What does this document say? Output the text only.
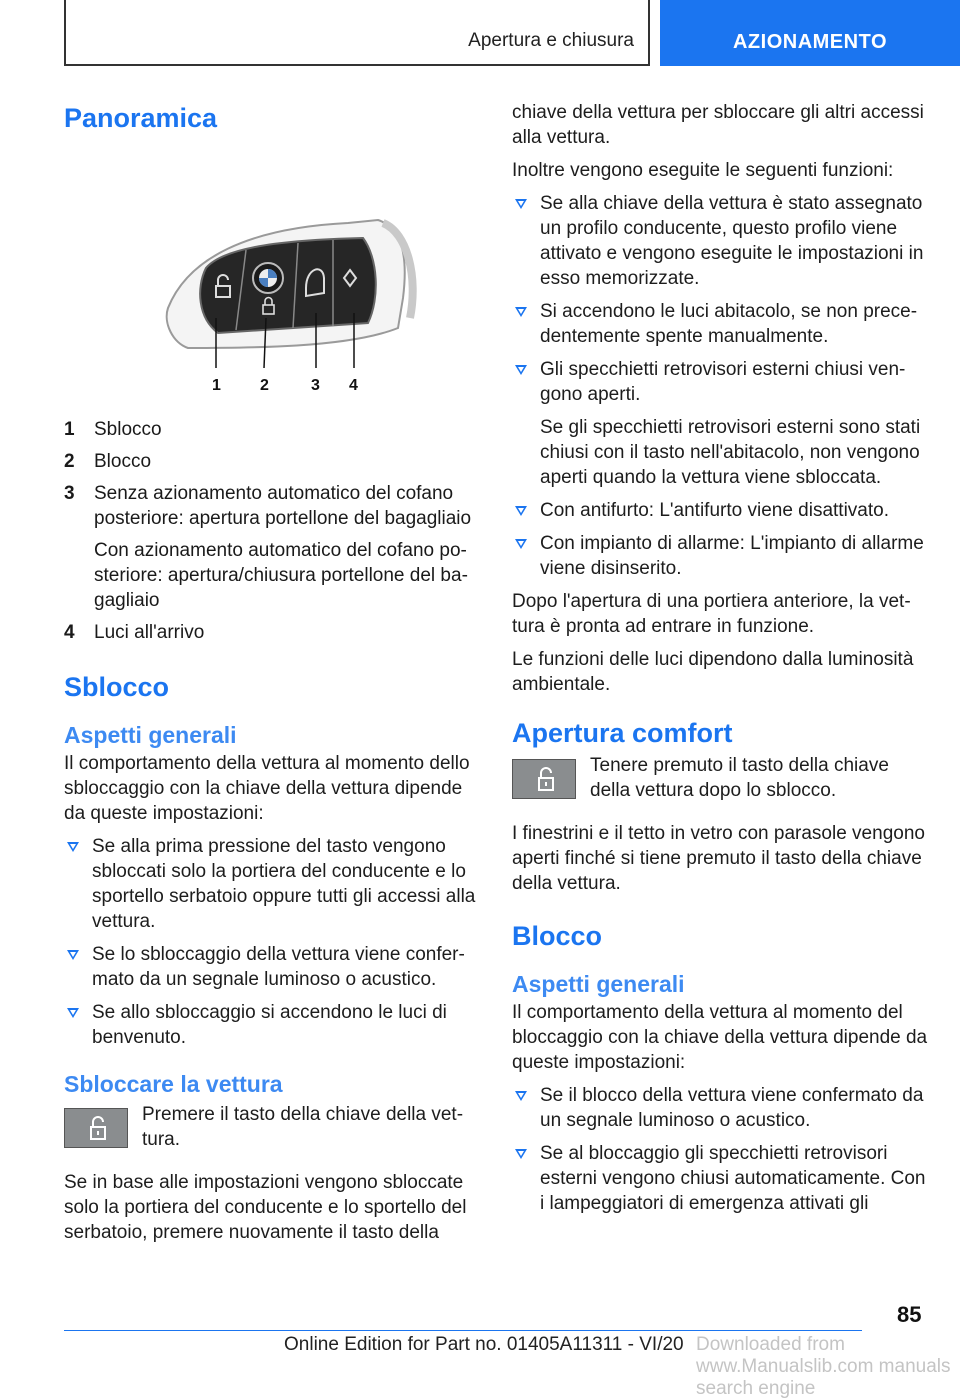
Apertura e chiusura	AZIONAMENTO
Panoramica
1 2	3 4
1 Sblocco
2 Blocco
3 Senza azionamento automatico del cofano posteriore: apertura portellone del bagagliaio
Con azionamento automatico del cofano posteriore: apertura/chiusura portellone del bagagliaio
4 Luci all'arrivo
Sblocco
Aspetti generali

Il comportamento della vettura al momento dello sbloccaggio con la chiave della vettura dipende da queste impostazioni:

Se alla prima pressione del tasto vengono sbloccati solo la portiera del conducente e lo sportello serbatoio oppure tutti gli accessi alla vettura.
Se lo sbloccaggio della vettura viene confermato da un segnale luminoso o acustico.
Se allo sbloccaggio si accendono le luci di benvenuto.
Sbloccare la vettura

Premere il tasto della chiave della vettura.

Se in base alle impostazioni vengono sbloccate solo la portiera del conducente e lo sportello del serbatoio, premere nuovamente il tasto della

chiave della vettura per sbloccare gli altri accessi alla vettura.

Inoltre vengono eseguite le seguenti funzioni:

Se alla chiave della vettura è stato assegnato un profilo conducente, questo profilo viene attivato e vengono eseguite le impostazioni in esso memorizzate.
Si accendono le luci abitacolo, se non precedentemente spente manualmente.
Gli specchietti retrovisori esterni chiusi vengono aperti.
Se gli specchietti retrovisori esterni sono stati chiusi con il tasto nell'abitacolo, non vengono aperti quando la vettura viene sbloccata.
Con antifurto: L'antifurto viene disattivato.
Con impianto di allarme: L'impianto di allarme viene disinserito.

Dopo l'apertura di una portiera anteriore, la vettura è pronta ad entrare in funzione.

Le funzioni delle luci dipendono dalla luminosità ambientale.

Apertura comfort

Tenere premuto il tasto della chiave della vettura dopo lo sblocco.

I finestrini e il tetto in vetro con parasole vengono aperti finché si tiene premuto il tasto della chiave della vettura.

Blocco
Aspetti generali

Il comportamento della vettura al momento del bloccaggio con la chiave della vettura dipende da queste impostazioni:

Se il blocco della vettura viene confermato da un segnale luminoso o acustico.
Se al bloccaggio gli specchietti retrovisori esterni vengono chiusi automaticamente. Con i lampeggiatori di emergenza attivati gli
85
Online Edition for Part no. 01405A11311 - VI/20 Downloaded from www.Manualslib.com manuals search engine
